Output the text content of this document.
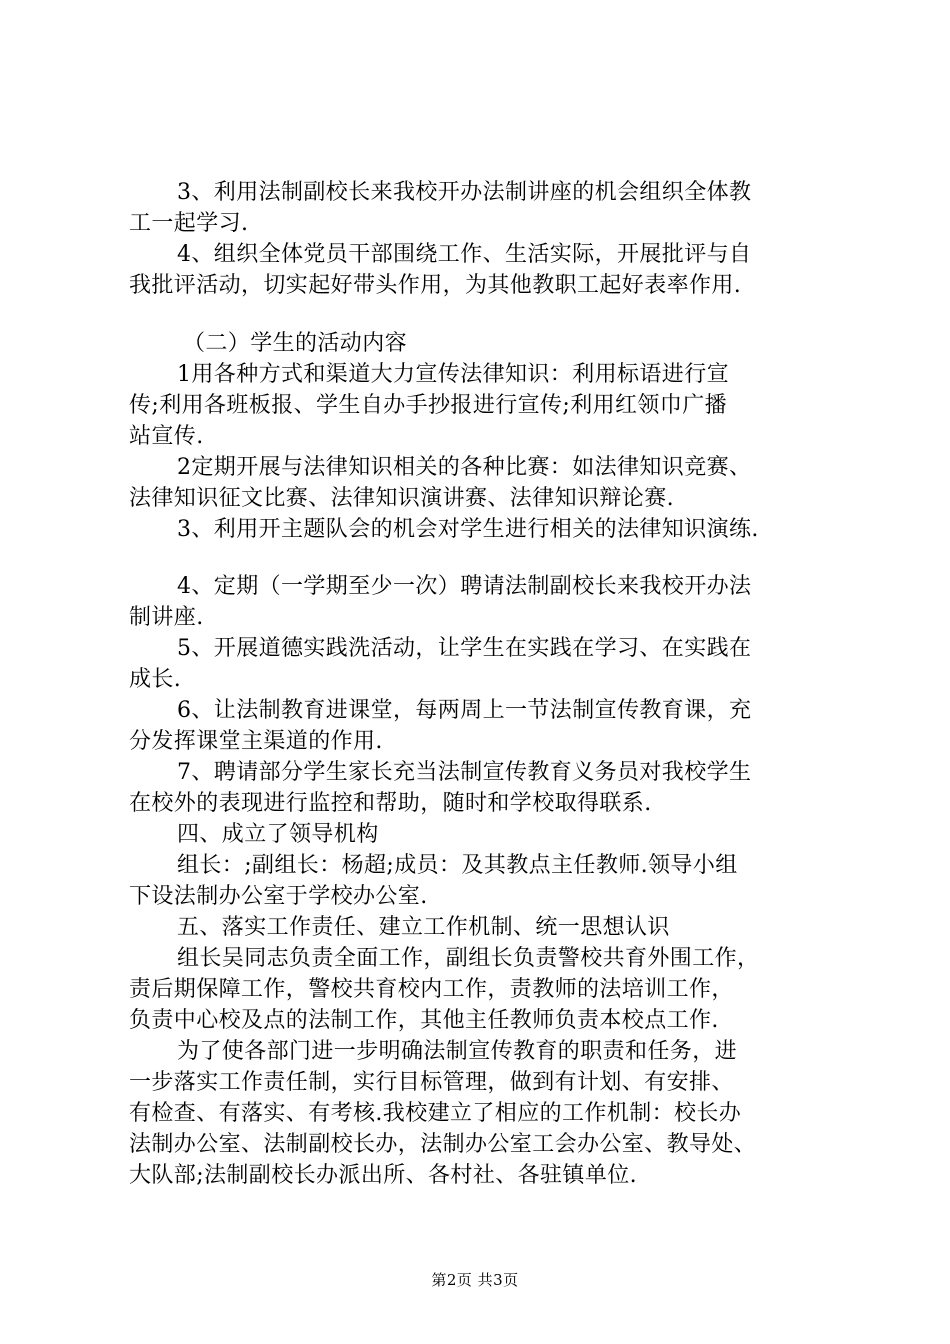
3、利用法制副校长来我校开办法制讲座的机会组织全体教
工一起学习.
4、组织全体党员干部围绕工作、生活实际，开展批评与自
我批评活动，切实起好带头作用，为其他教职工起好表率作用.
（二）学生的活动内容
1用各种方式和渠道大力宣传法律知识：利用标语进行宣
传;利用各班板报、学生自办手抄报进行宣传;利用红领巾广播
站宣传.
2定期开展与法律知识相关的各种比赛：如法律知识竞赛、
法律知识征文比赛、法律知识演讲赛、法律知识辩论赛.
3、利用开主题队会的机会对学生进行相关的法律知识演练.
4、定期（一学期至少一次）聘请法制副校长来我校开办法
制讲座.
5、开展道德实践洗活动，让学生在实践在学习、在实践在
成长.
6、让法制教育进课堂，每两周上一节法制宣传教育课，充
分发挥课堂主渠道的作用.
7、聘请部分学生家长充当法制宣传教育义务员对我校学生
在校外的表现进行监控和帮助，随时和学校取得联系.
四、成立了领导机构
组长：;副组长：杨超;成员：及其教点主任教师.领导小组
下设法制办公室于学校办公室.
五、落实工作责任、建立工作机制、统一思想认识
组长吴同志负责全面工作，副组长负责警校共育外围工作，
责后期保障工作，警校共育校内工作，责教师的法培训工作，
负责中心校及点的法制工作，其他主任教师负责本校点工作.
为了使各部门进一步明确法制宣传教育的职责和任务，进
一步落实工作责任制，实行目标管理，做到有计划、有安排、
有检查、有落实、有考核.我校建立了相应的工作机制：校长办
法制办公室、法制副校长办，法制办公室工会办公室、教导处、
大队部;法制副校长办派出所、各村社、各驻镇单位.
第2页 共3页
